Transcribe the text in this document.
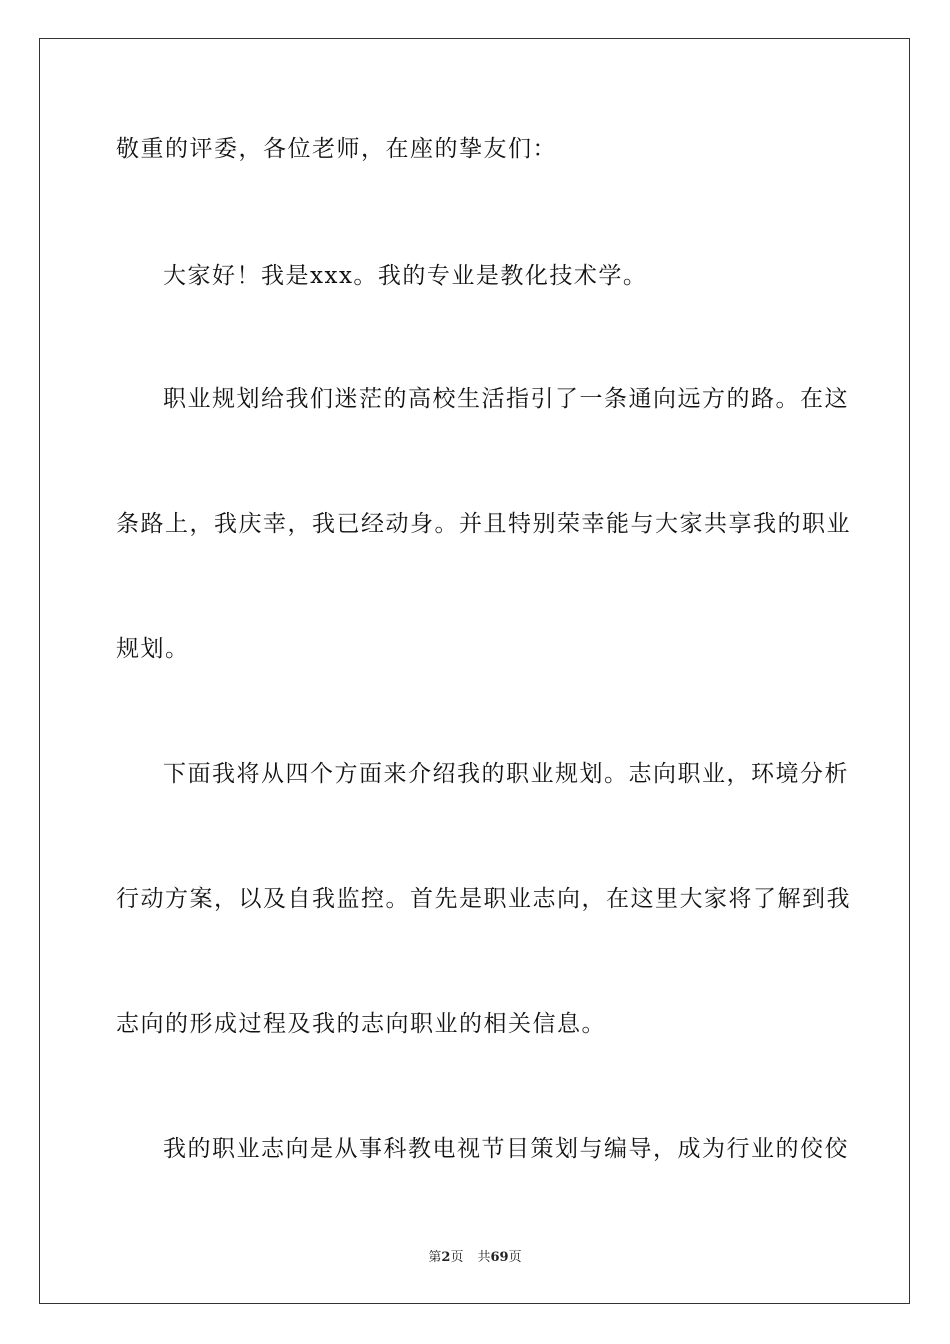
敬重的评委，各位老师，在座的挚友们：
大家好！我是xxx。我的专业是教化技术学。
职业规划给我们迷茫的高校生活指引了一条通向远方的路。在这
条路上，我庆幸，我已经动身。并且特别荣幸能与大家共享我的职业
规划。
下面我将从四个方面来介绍我的职业规划。志向职业，环境分析
行动方案，以及自我监控。首先是职业志向，在这里大家将了解到我
志向的形成过程及我的志向职业的相关信息。
我的职业志向是从事科教电视节目策划与编导，成为行业的佼佼
第2页 共69页
